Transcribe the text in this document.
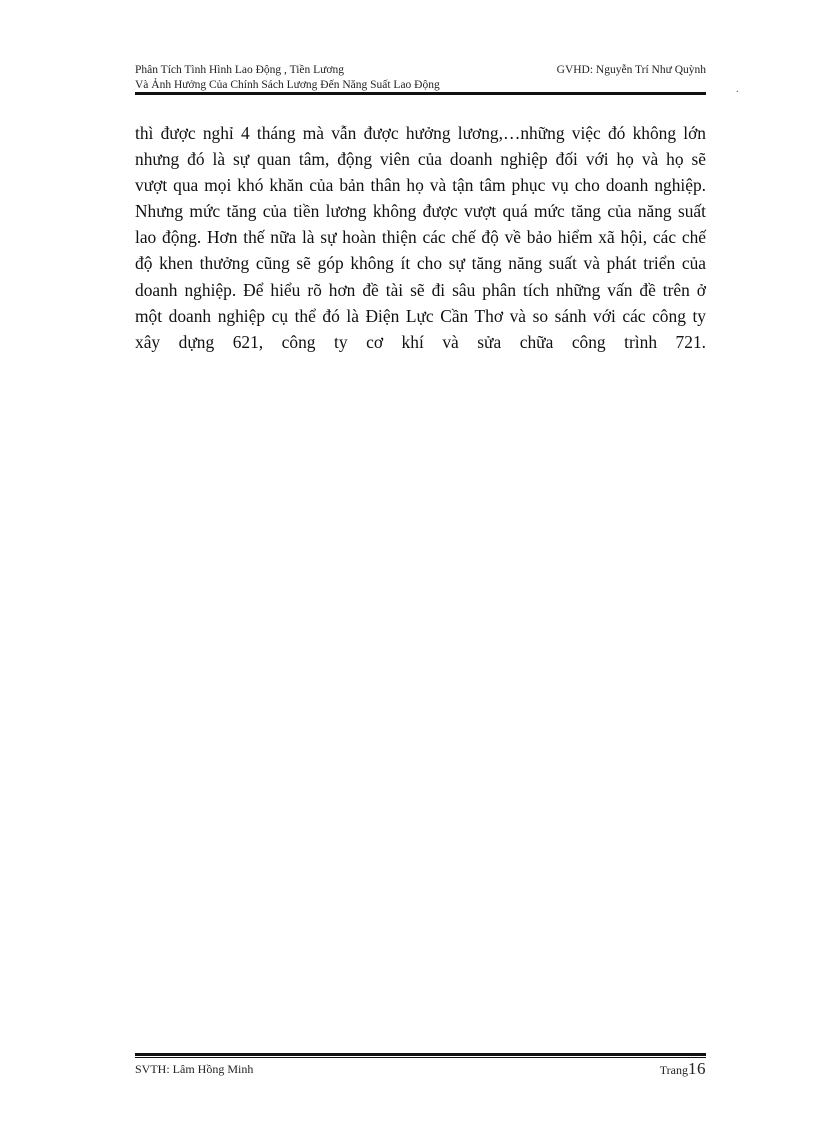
Phân Tích Tình Hình Lao Động , Tiền Lương	GVHD: Nguyễn Trí Như Quỳnh
Và Ảnh Hưởng Của Chính Sách Lương Đến Năng Suất Lao Động	.
thì được nghỉ 4 tháng mà vẫn được hưởng lương,…những việc đó không lớn
nhưng đó là sự quan tâm, động viên của doanh nghiệp đối với họ và họ sẽ
vượt qua mọi khó khăn của bản thân họ và tận tâm phục vụ cho doanh nghiệp.
Nhưng mức tăng của tiền lương không được vượt quá mức tăng của năng suất
lao động. Hơn thế nữa là sự hoàn thiện các chế độ về bảo hiểm xã hội, các chế
độ khen thưởng cũng sẽ góp không ít cho sự tăng năng suất và phát triển của
doanh nghiệp. Để hiểu rõ hơn đề tài sẽ đi sâu phân tích những vấn đề trên ở
một doanh nghiệp cụ thể đó là Điện Lực Cần Thơ và so sánh với các công ty
xây dựng 621, công ty cơ khí và sửa chữa công trình 721.
SVTH: Lâm Hồng Minh	Trang16
